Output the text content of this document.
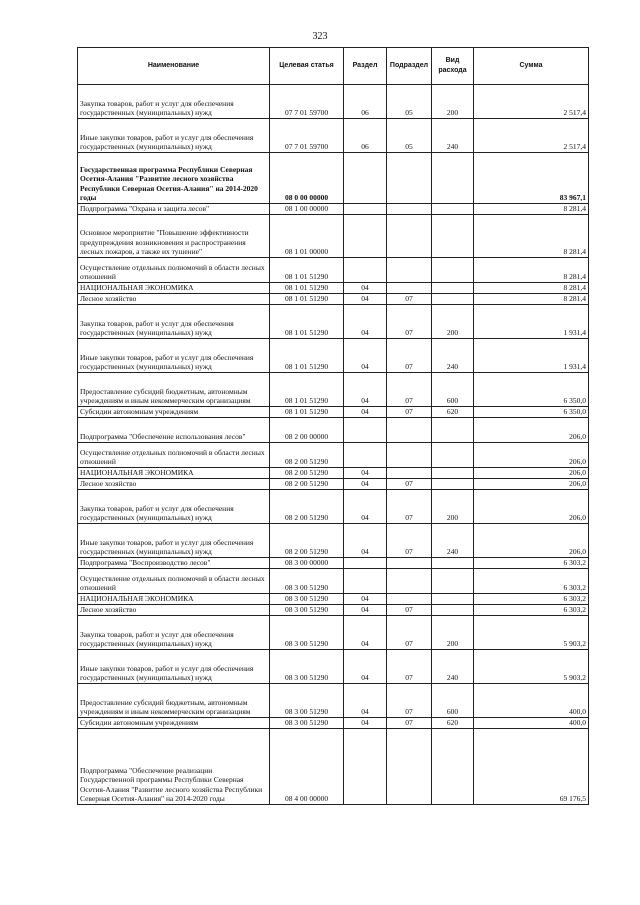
323
Наименование	Целевая статья	Раздел	Подраздел	Вид расхода	Сумма
Закупка товаров, работ и услуг для обеспечения государственных (муниципальных) нужд	07 7 01 59700	06	05	200	2 517,4
Иные закупки товаров, работ и услуг для обеспечения государственных (муниципальных) нужд	07 7 01 59700	06	05	240	2 517,4
Государственная программа Республики Северная Осетия-Алания "Развитие лесного хозяйства Республики Северная Осетия-Алания" на 2014-2020 годы	08 0 00 00000				83 967,1
Подпрограмма "Охрана и защита лесов"	08 1 00 00000				8 281,4
Основное мероприятие "Повышение эффективности предупреждения возникновения и распространения лесных пожаров, а также их тушение"	08 1 01 00000				8 281,4
Осуществление отдельных полномочий в области лесных отношений	08 1 01 51290				8 281,4
НАЦИОНАЛЬНАЯ ЭКОНОМИКА	08 1 01 51290	04			8 281,4
Лесное хозяйство	08 1 01 51290	04	07		8 281,4
Закупка товаров, работ и услуг для обеспечения государственных (муниципальных) нужд	08 1 01 51290	04	07	200	1 931,4
Иные закупки товаров, работ и услуг для обеспечения государственных (муниципальных) нужд	08 1 01 51290	04	07	240	1 931,4
Предоставление субсидий бюджетным, автономным учреждениям и иным некоммерческим организациям	08 1 01 51290	04	07	600	6 350,0
Субсидии автономным учреждениям	08 1 01 51290	04	07	620	6 350,0
Подпрограмма "Обеспечение использования лесов"	08 2 00 00000				206,0
Осуществление отдельных полномочий в области лесных отношений	08 2 00 51290				206,0
НАЦИОНАЛЬНАЯ ЭКОНОМИКА	08 2 00 51290	04			206,0
Лесное хозяйство	08 2 00 51290	04	07		206,0
Закупка товаров, работ и услуг для обеспечения государственных (муниципальных) нужд	08 2 00 51290	04	07	200	206,0
Иные закупки товаров, работ и услуг для обеспечения государственных (муниципальных) нужд	08 2 00 51290	04	07	240	206,0
Подпрограмма "Воспроизводство лесов"	08 3 00 00000				6 303,2
Осуществление отдельных полномочий в области лесных отношений	08 3 00 51290				6 303,2
НАЦИОНАЛЬНАЯ ЭКОНОМИКА	08 3 00 51290	04			6 303,2
Лесное хозяйство	08 3 00 51290	04	07		6 303,2
Закупка товаров, работ и услуг для обеспечения государственных (муниципальных) нужд	08 3 00 51290	04	07	200	5 903,2
Иные закупки товаров, работ и услуг для обеспечения государственных (муниципальных) нужд	08 3 00 51290	04	07	240	5 903,2
Предоставление субсидий бюджетным, автономным учреждениям и иным некоммерческим организациям	08 3 00 51290	04	07	600	400,0
Субсидии автономным учреждениям	08 3 00 51290	04	07	620	400,0
Подпрограмма "Обеспечение реализации Государственной программы Республики Северная Осетия-Алания "Развитие лесного хозяйства Республики Северная Осетия-Алания" на 2014-2020 годы	08 4 00 00000				69 176,5
